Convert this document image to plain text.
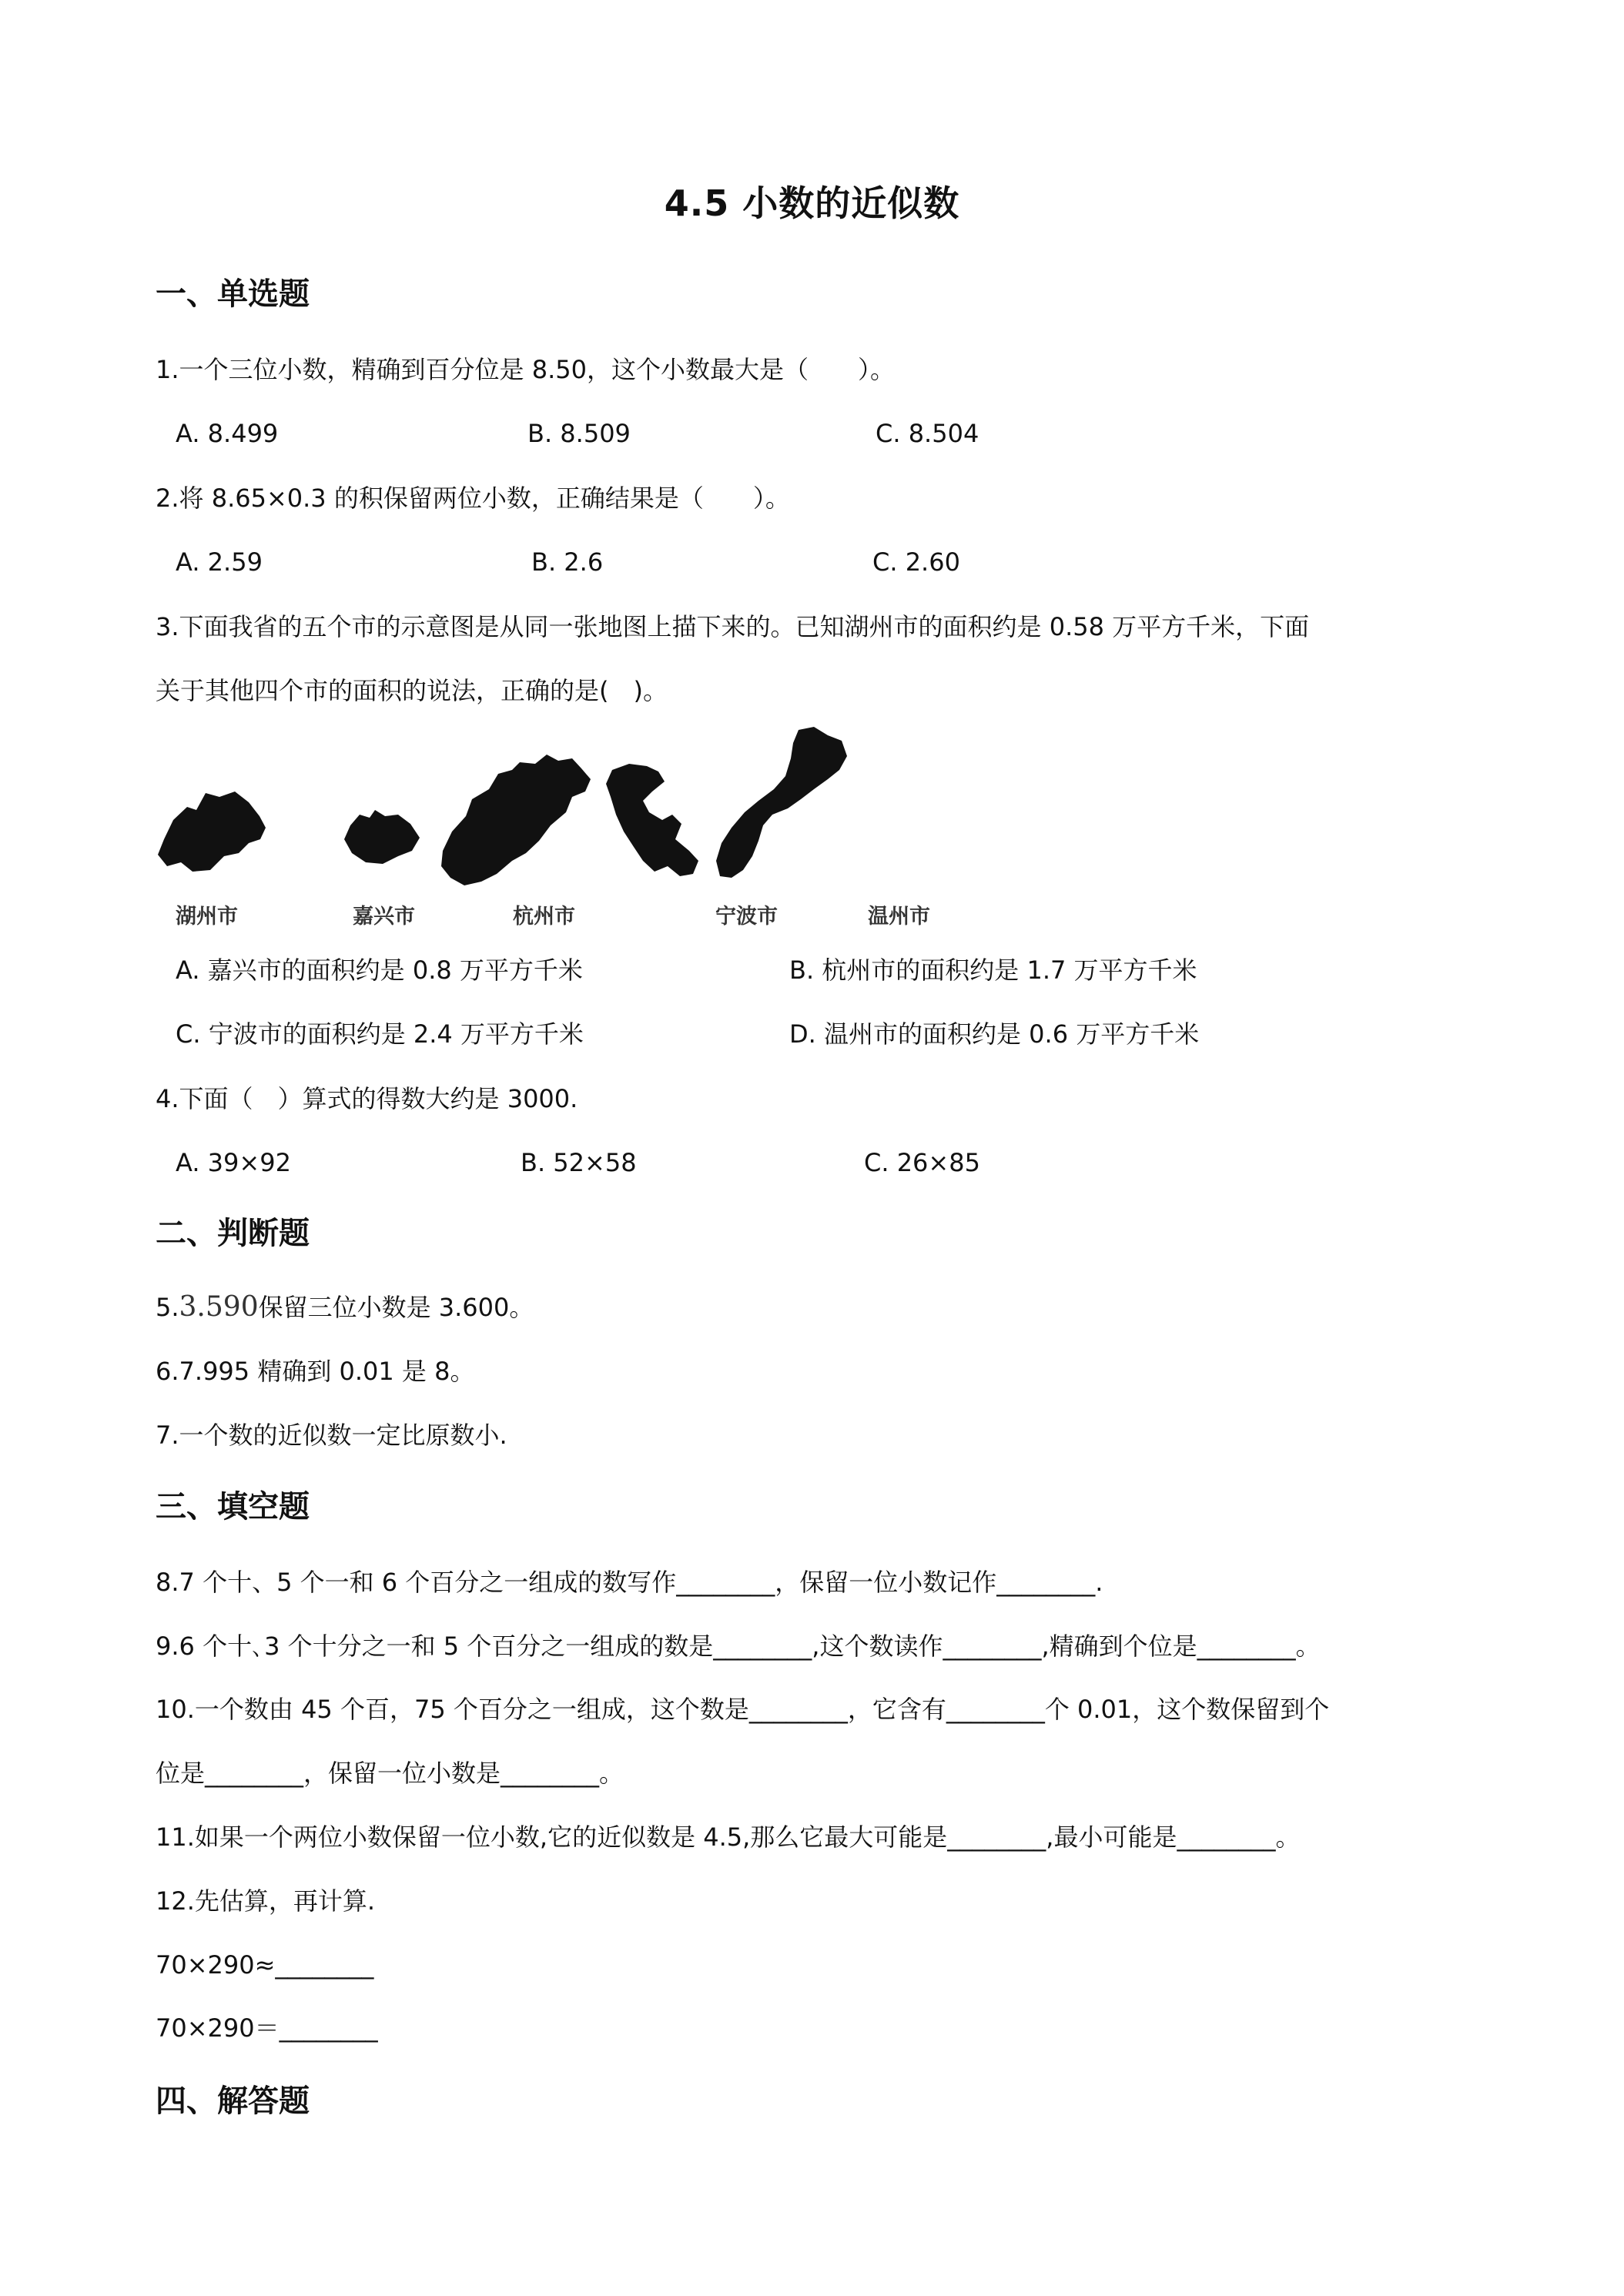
4.5 小数的近似数
一、单选题
1.一个三位小数，精确到百分位是 8.50，这个小数最大是（　　）。
A. 8.499	B. 8.509	C. 8.504
2.将 8.65×0.3 的积保留两位小数，正确结果是（　　）。
A. 2.59	B. 2.6	C. 2.60
3.下面我省的五个市的示意图是从同一张地图上描下来的。已知湖州市的面积约是 0.58 万平方千米，下面
关于其他四个市的面积的说法，正确的是(　)。
湖州市	嘉兴市	杭州市	宁波市	温州市
A. 嘉兴市的面积约是 0.8 万平方千米	B. 杭州市的面积约是 1.7 万平方千米
C. 宁波市的面积约是 2.4 万平方千米	D. 温州市的面积约是 0.6 万平方千米
4.下面（　）算式的得数大约是 3000.
A. 39×92	B. 52×58	C. 26×85
二、判断题
5.3.590保留三位小数是 3.600。
6.7.995 精确到 0.01 是 8。
7.一个数的近似数一定比原数小.
三、填空题
8.7 个十、5 个一和 6 个百分之一组成的数写作________，保留一位小数记作________.
9.6 个十､3 个十分之一和 5 个百分之一组成的数是________,这个数读作________,精确到个位是________。
10.一个数由 45 个百，75 个百分之一组成，这个数是________，它含有________个 0.01，这个数保留到个
位是________，保留一位小数是________。
11.如果一个两位小数保留一位小数,它的近似数是 4.5,那么它最大可能是________,最小可能是________。
12.先估算，再计算.
70×290≈________
70×290＝________
四、解答题
